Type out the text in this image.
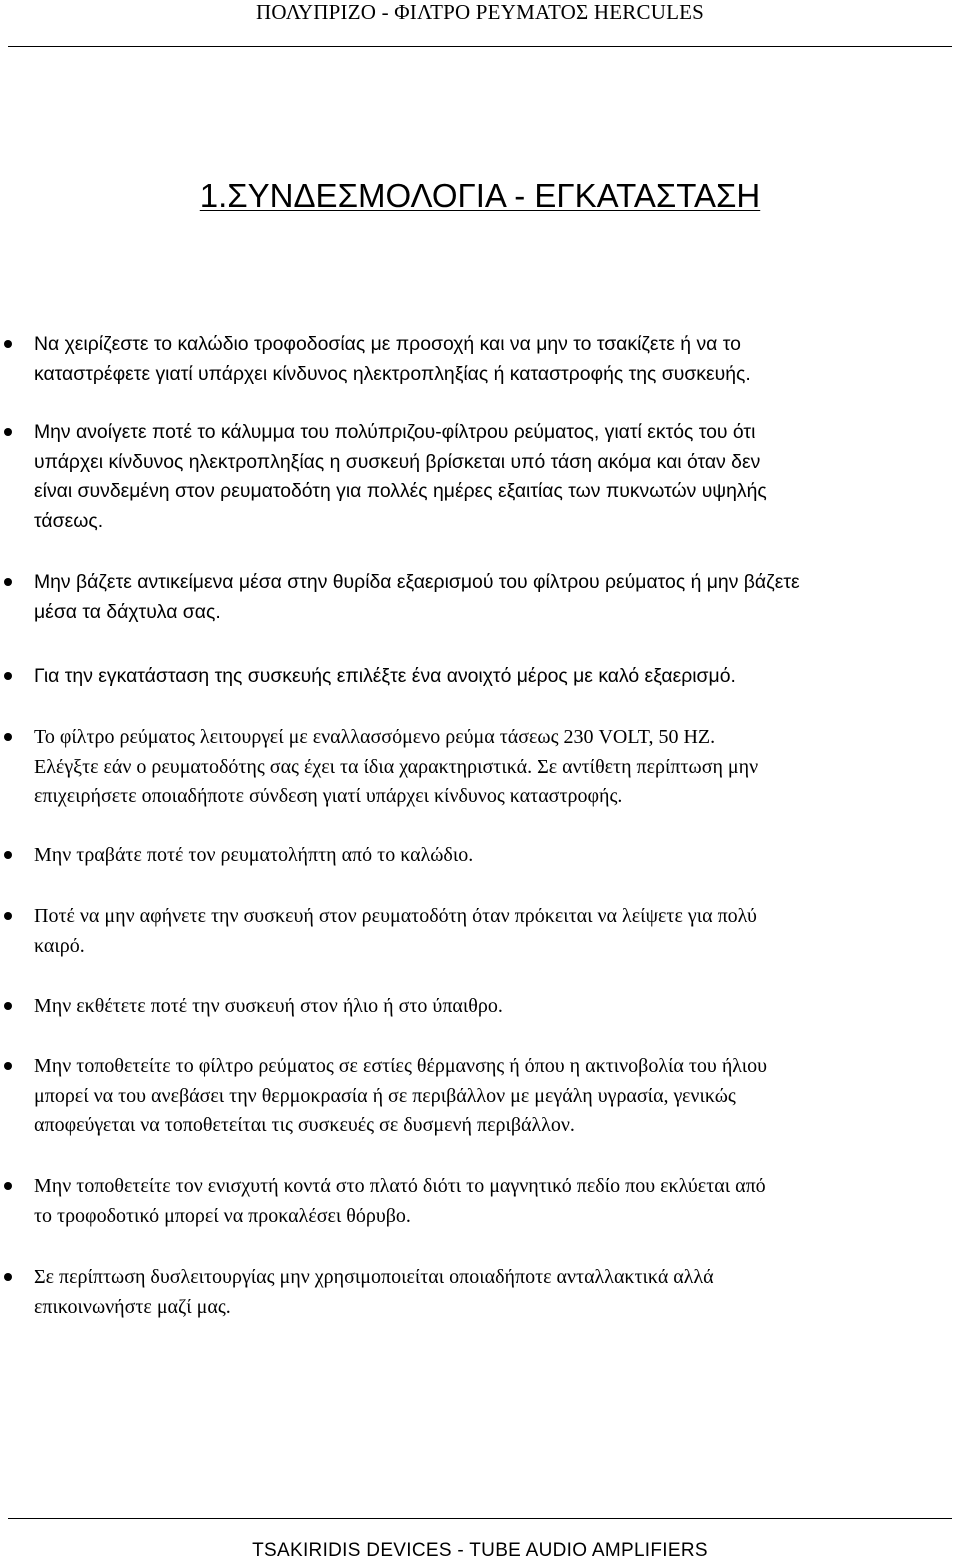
ΠΟΛΥΠΡΙΖΟ - ΦΙΛΤΡΟ ΡΕΥΜΑΤΟΣ HERCULES
1.ΣΥΝΔΕΣΜΟΛΟΓΙΑ - ΕΓΚΑΤΑΣΤΑΣΗ
Να χειρίζεστε το καλώδιο τροφοδοσίας με προσοχή και να μην το τσακίζετε ή να το
καταστρέφετε γιατί υπάρχει κίνδυνος ηλεκτροπληξίας ή καταστροφής της συσκευής.
Μην ανοίγετε ποτέ το κάλυμμα του πολύπριζου-φίλτρου ρεύματος, γιατί εκτός του ότι
υπάρχει κίνδυνος ηλεκτροπληξίας η συσκευή βρίσκεται υπό τάση ακόμα και όταν δεν
είναι συνδεμένη στον ρευματοδότη για πολλές ημέρες εξαιτίας των πυκνωτών υψηλής
τάσεως.
Μην βάζετε αντικείμενα μέσα στην θυρίδα εξαερισμού του φίλτρου ρεύματος ή μην βάζετε
μέσα τα δάχτυλα σας.
Για την εγκατάσταση της συσκευής επιλέξτε ένα ανοιχτό μέρος με καλό εξαερισμό.
Το φίλτρο ρεύματος λειτουργεί με εναλλασσόμενο ρεύμα τάσεως 230 VOLT, 50 HZ.
Ελέγξτε εάν ο ρευματοδότης σας έχει τα ίδια χαρακτηριστικά. Σε αντίθετη περίπτωση μην
επιχειρήσετε οποιαδήποτε σύνδεση γιατί υπάρχει κίνδυνος καταστροφής.
Μην τραβάτε ποτέ τον ρευματολήπτη από το καλώδιο.
Ποτέ να μην αφήνετε την συσκευή στον ρευματοδότη όταν πρόκειται να λείψετε για πολύ
καιρό.
Μην εκθέτετε ποτέ την συσκευή στον ήλιο ή στο ύπαιθρο.
Μην τοποθετείτε το φίλτρο ρεύματος σε εστίες θέρμανσης ή όπου η ακτινοβολία του ήλιου
μπορεί να του ανεβάσει την θερμοκρασία ή σε περιβάλλον με μεγάλη υγρασία, γενικώς
αποφεύγεται να τοποθετείται τις συσκευές σε δυσμενή περιβάλλον.
Μην τοποθετείτε τον ενισχυτή κοντά στο πλατό διότι το μαγνητικό πεδίο που εκλύεται από
το τροφοδοτικό μπορεί να προκαλέσει θόρυβο.
Σε περίπτωση δυσλειτουργίας μην χρησιμοποιείται οποιαδήποτε ανταλλακτικά αλλά
επικοινωνήστε μαζί μας.
TSAKIRIDIS DEVICES - TUBE AUDIO AMPLIFIERS
